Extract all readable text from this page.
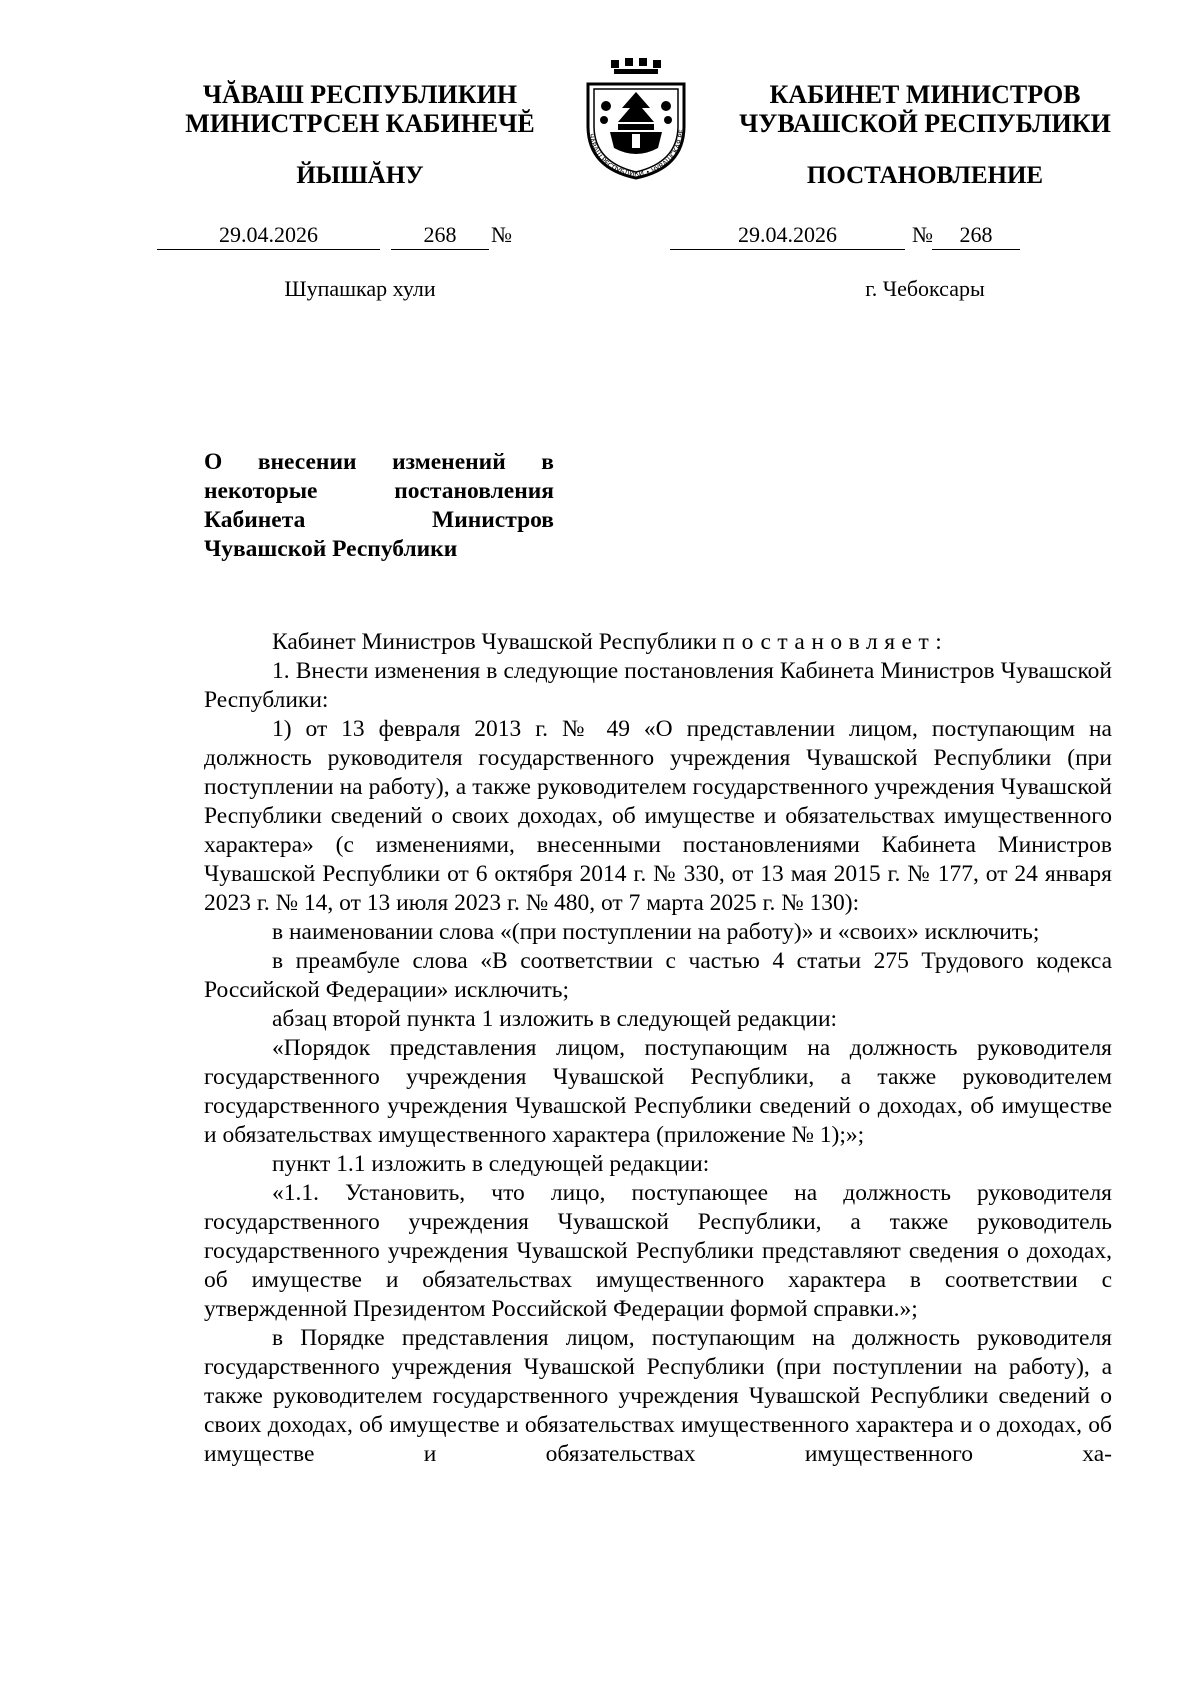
ЧĂВАШ РЕСПУБЛИКИН
МИНИСТРСЕН КАБИНЕЧĔ
ЙЫШĂНУ
КАБИНЕТ МИНИСТРОВ
ЧУВАШСКОЙ РЕСПУБЛИКИ
ПОСТАНОВЛЕНИЕ
ЧĂВАШ РЕСПУБЛИКИ • ЧУВАШСКАЯ РЕ
29.04.2026	268	№	29.04.2026	№	268
Шупашкар хули	г. Чебоксары
О внесении изменений в некоторые постановления Кабинета Министров Чувашской Республики

Кабинет Министров Чувашской Республики постановляет:

1. Внести изменения в следующие постановления Кабинета Министров Чувашской Республики:

1) от 13 февраля 2013 г. № 49 «О представлении лицом, поступающим на должность руководителя государственного учреждения Чувашской Республики (при поступлении на работу), а также руководителем государственного учреждения Чувашской Республики сведений о своих доходах, об имуществе и обязательствах имущественного характера» (с изменениями, внесенными постановлениями Кабинета Министров Чувашской Республики от 6 октября 2014 г. № 330, от 13 мая 2015 г. № 177, от 24 января 2023 г. № 14, от 13 июля 2023 г. № 480, от 7 марта 2025 г. № 130):

в наименовании слова «(при поступлении на работу)» и «своих» исключить;

в преамбуле слова «В соответствии с частью 4 статьи 275 Трудового кодекса Российской Федерации» исключить;

абзац второй пункта 1 изложить в следующей редакции:

«Порядок представления лицом, поступающим на должность руководителя государственного учреждения Чувашской Республики, а также руководителем государственного учреждения Чувашской Республики сведений о доходах, об имуществе и обязательствах имущественного характера (приложение № 1);»;

пункт 1.1 изложить в следующей редакции:

«1.1. Установить, что лицо, поступающее на должность руководителя государственного учреждения Чувашской Республики, а также руководитель государственного учреждения Чувашской Республики представляют сведения о доходах, об имуществе и обязательствах имущественного характера в соответствии с утвержденной Президентом Российской Федерации формой справки.»;

в Порядке представления лицом, поступающим на должность руководителя государственного учреждения Чувашской Республики (при поступлении на работу), а также руководителем государственного учреждения Чувашской Республики сведений о своих доходах, об имуществе и обязательствах имущественного характера и о доходах, об имуществе и обязательствах имущественного ха-
